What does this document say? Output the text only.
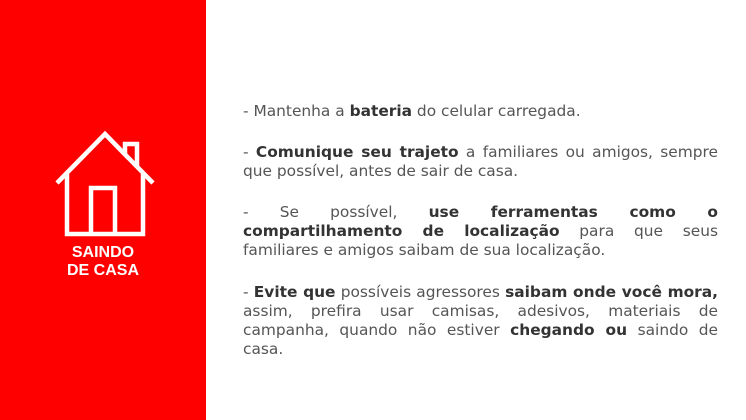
SAINDO
DE CASA

- Mantenha a bateria do celular carregada.

- Comunique seu trajeto a familiares ou amigos, sempre que possível, antes de sair de casa.

- Se possível, use ferramentas como o compartilhamento de localização para que seus familiares e amigos saibam de sua localização.

- Evite que possíveis agressores saibam onde você mora, assim, prefira usar camisas, adesivos, materiais de campanha, quando não estiver chegando ou saindo de casa.
